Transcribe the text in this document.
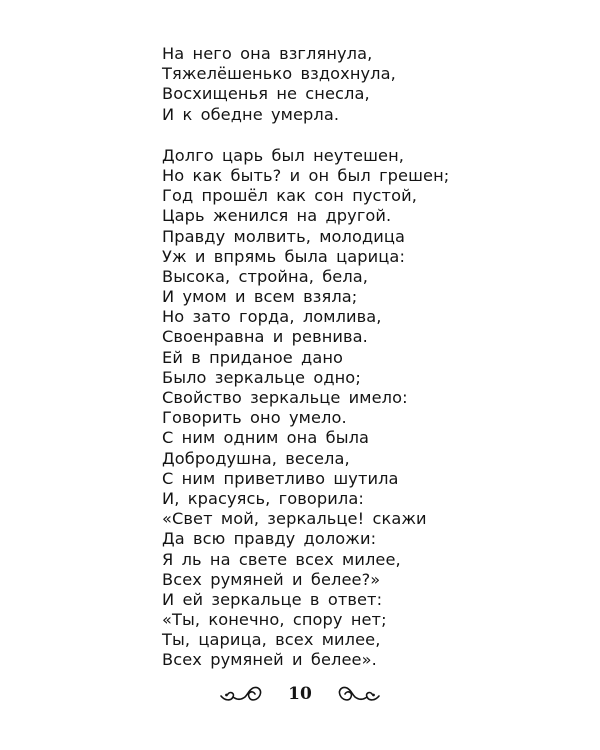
На него она взглянула,
Тяжелёшенько вздохнула,
Восхищенья не снесла,
И к обедне умерла.
Долго царь был неутешен,
Но как быть? и он был грешен;
Год прошёл как сон пустой,
Царь женился на другой.
Правду молвить, молодица
Уж и впрямь была царица:
Высока, стройна, бела,
И умом и всем взяла;
Но зато горда, ломлива,
Своенравна и ревнива.
Ей в приданое дано
Было зеркальце одно;
Свойство зеркальце имело:
Говорить оно умело.
С ним одним она была
Добродушна, весела,
С ним приветливо шутила
И, красуясь, говорила:
«Свет мой, зеркальце! скажи
Да всю правду доложи:
Я ль на свете всех милее,
Всех румяней и белее?»
И ей зеркальце в ответ:
«Ты, конечно, спору нет;
Ты, царица, всех милее,
Всех румяней и белее».
10
